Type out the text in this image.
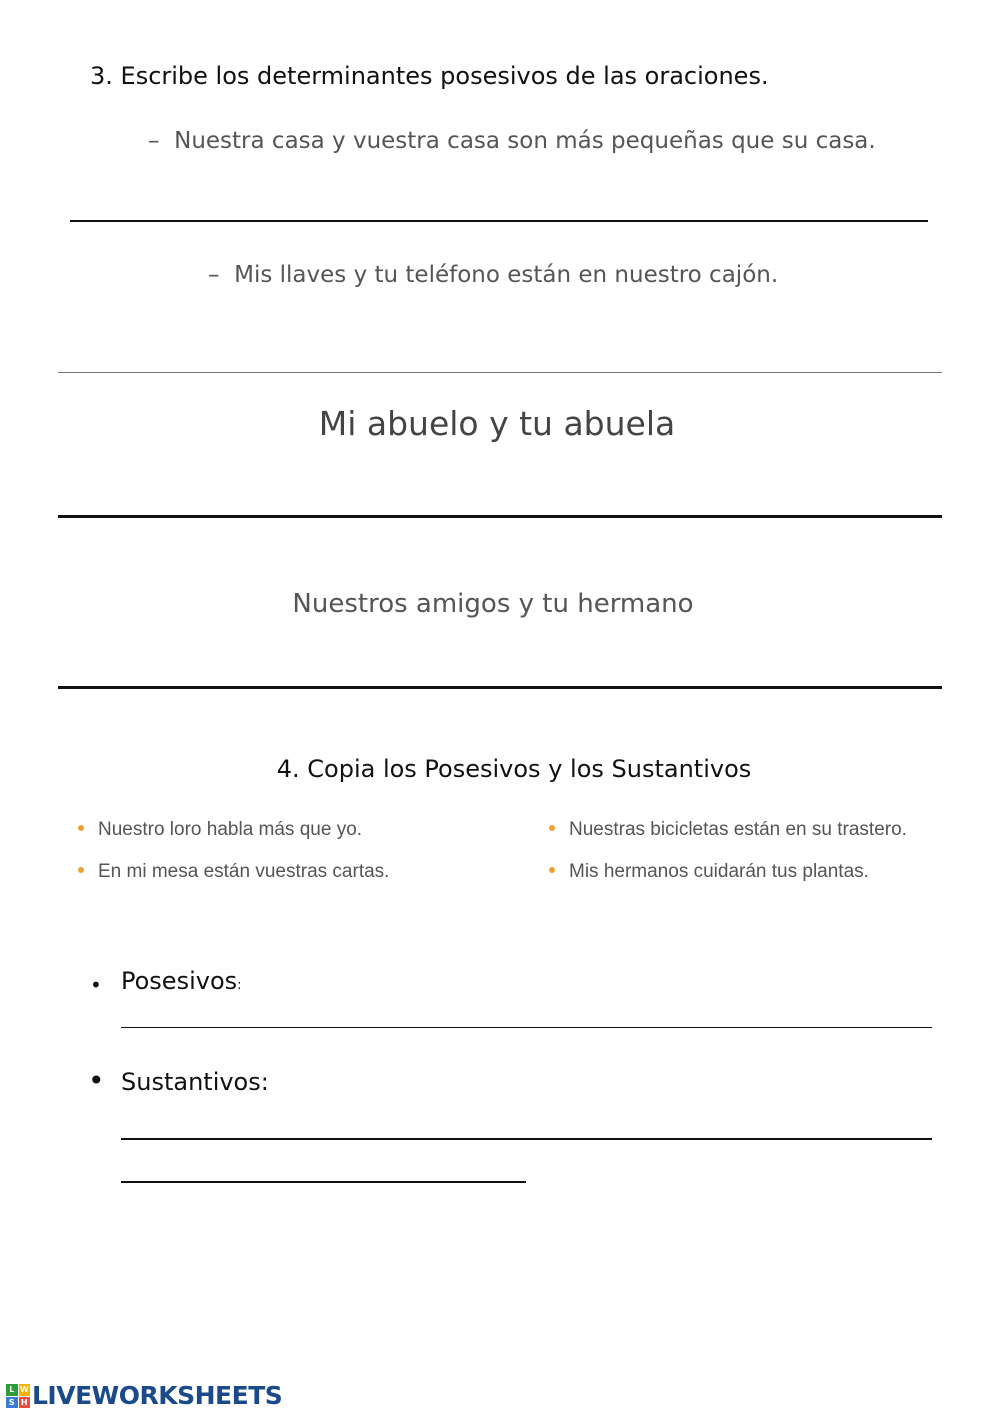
3. Escribe los determinantes posesivos de las oraciones.
– Nuestra casa y vuestra casa son más pequeñas que su casa.
– Mis llaves y tu teléfono están en nuestro cajón.
Mi abuelo y tu abuela
Nuestros amigos y tu hermano
4. Copia los Posesivos y los Sustantivos
Nuestro loro habla más que yo.
En mi mesa están vuestras cartas.
Nuestras bicicletas están en su trastero.
Mis hermanos cuidarán tus plantas.
• Posesivos:
• Sustantivos:
L W
S H LIVEWORKSHEETS
